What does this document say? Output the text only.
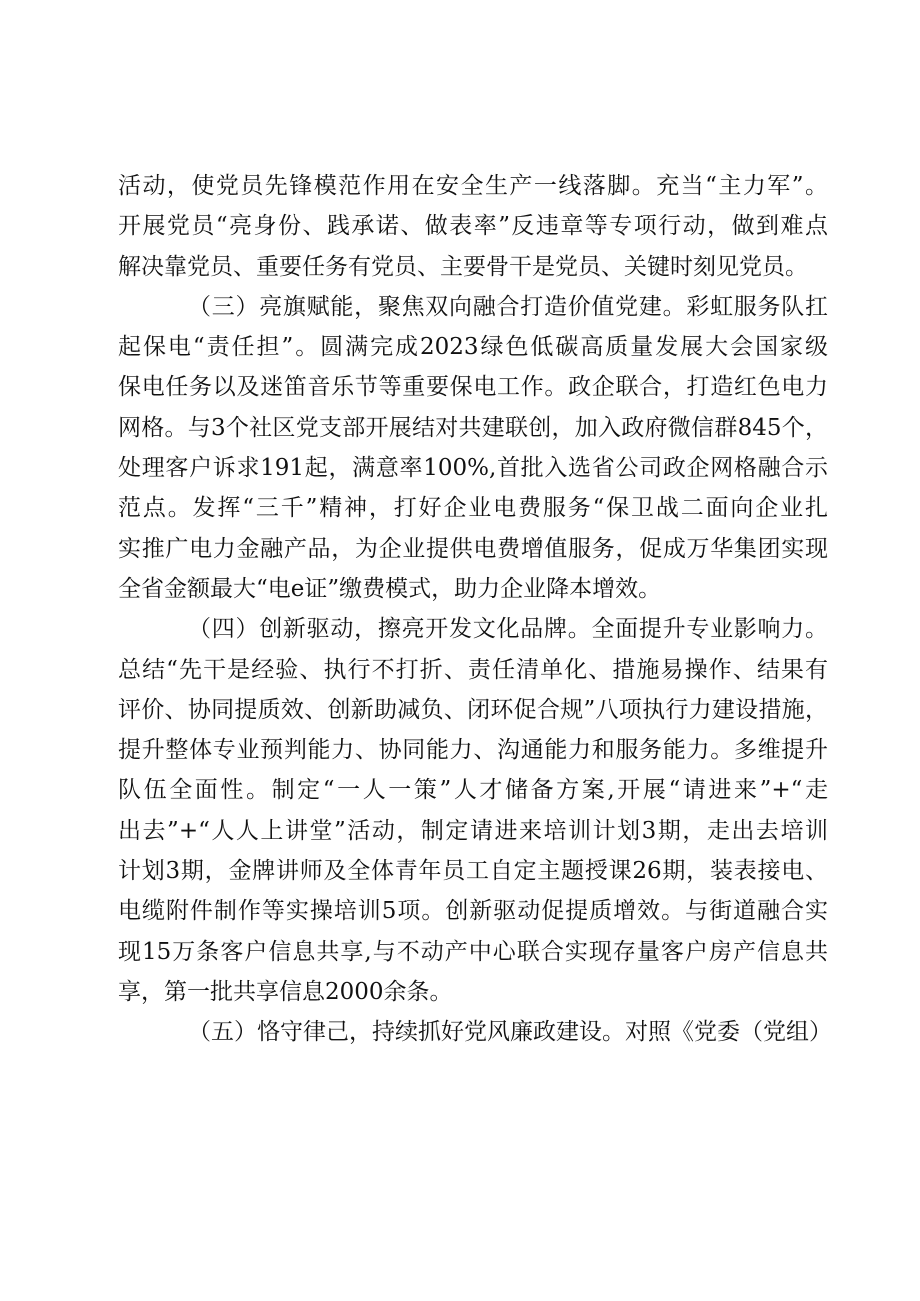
活动，使党员先锋模范作用在安全生产一线落脚。充当“主力军”。
开展党员“亮身份、践承诺、做表率”反违章等专项行动，做到难点
解决靠党员、重要任务有党员、主要骨干是党员、关键时刻见党员。
（三）亮旗赋能，聚焦双向融合打造价值党建。彩虹服务队扛
起保电“责任担”。圆满完成2023绿色低碳高质量发展大会国家级
保电任务以及迷笛音乐节等重要保电工作。政企联合，打造红色电力
网格。与3个社区党支部开展结对共建联创，加入政府微信群845个，
处理客户诉求191起，满意率100%,首批入选省公司政企网格融合示
范点。发挥“三千”精神，打好企业电费服务“保卫战二面向企业扎
实推广电力金融产品，为企业提供电费增值服务，促成万华集团实现
全省金额最大“电e证”缴费模式，助力企业降本增效。
（四）创新驱动，擦亮开发文化品牌。全面提升专业影响力。
总结“先干是经验、执行不打折、责任清单化、措施易操作、结果有
评价、协同提质效、创新助减负、闭环促合规”八项执行力建设措施，
提升整体专业预判能力、协同能力、沟通能力和服务能力。多维提升
队伍全面性。制定“一人一策”人才储备方案,开展“请进来”+“走
出去”+“人人上讲堂”活动，制定请进来培训计划3期，走出去培训
计划3期，金牌讲师及全体青年员工自定主题授课26期，装表接电、
电缆附件制作等实操培训5项。创新驱动促提质增效。与街道融合实
现15万条客户信息共享,与不动产中心联合实现存量客户房产信息共
享，第一批共享信息2000余条。
（五）恪守律己，持续抓好党风廉政建设。对照《党委（党组）
